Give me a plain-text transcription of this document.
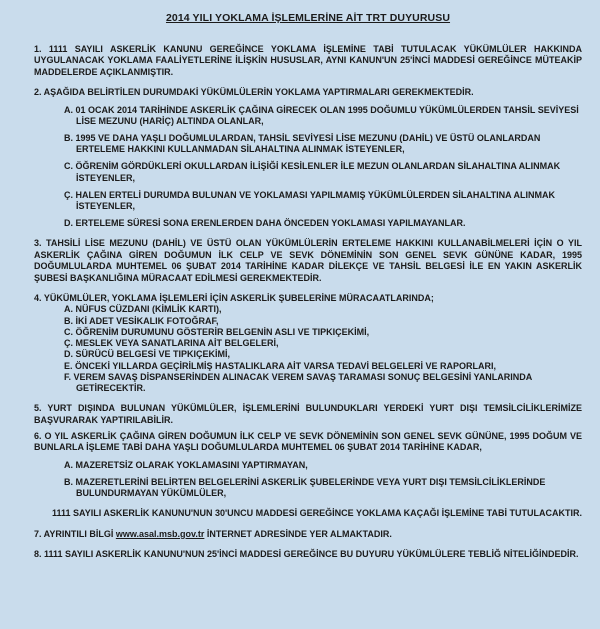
2014 YILI YOKLAMA İŞLEMLERİNE AİT TRT DUYURUSU

1. 1111 SAYILI ASKERLİK KANUNU GEREĞİNCE YOKLAMA İŞLEMİNE TABİ TUTULACAK YÜKÜMLÜLER HAKKINDA UYGULANACAK YOKLAMA FAALİYETLERİNE İLİŞKİN HUSUSLAR, AYNI KANUN'UN 25'İNCİ MADDESİ GEREĞİNCE MÜTEAKİP MADDELERDE AÇIKLANMIŞTIR.

2. AŞAĞIDA BELİRTİLEN DURUMDAKİ YÜKÜMLÜLERİN YOKLAMA YAPTIRMALARI GEREKMEKTEDİR.

A. 01 OCAK 2014 TARİHİNDE ASKERLİK ÇAĞINA GİRECEK OLAN 1995 DOĞUMLU YÜKÜMLÜLERDEN TAHSİL SEVİYESİ LİSE MEZUNU (HARİÇ) ALTINDA OLANLAR,

B. 1995 VE DAHA YAŞLI DOĞUMLULARDAN, TAHSİL SEVİYESİ LİSE MEZUNU (DAHİL) VE ÜSTÜ OLANLARDAN ERTELEME HAKKINI KULLANMADAN SİLAHALTINA ALINMAK İSTEYENLER,

C. ÖĞRENİM GÖRDÜKLERİ OKULLARDAN İLİŞİĞİ KESİLENLER İLE MEZUN OLANLARDAN SİLAHALTINA ALINMAK İSTEYENLER,

Ç. HALEN ERTELİ DURUMDA BULUNAN VE YOKLAMASI YAPILMAMIŞ YÜKÜMLÜLERDEN SİLAHALTINA ALINMAK İSTEYENLER,

D. ERTELEME SÜRESİ SONA ERENLERDEN DAHA ÖNCEDEN YOKLAMASI YAPILMAYANLAR.

3. TAHSİLİ LİSE MEZUNU (DAHİL) VE ÜSTÜ OLAN YÜKÜMLÜLERİN ERTELEME HAKKINI KULLANABİLMELERİ İÇİN O YIL ASKERLİK ÇAĞINA GİREN DOĞUMUN İLK CELP VE SEVK DÖNEMİNİN SON GENEL SEVK GÜNÜNE KADAR, 1995 DOĞUMLULARDA MUHTEMEL 06 ŞUBAT 2014 TARİHİNE KADAR DİLEKÇE VE TAHSİL BELGESİ İLE EN YAKIN ASKERLİK ŞUBESİ BAŞKANLIĞINA MÜRACAAT EDİLMESİ GEREKMEKTEDİR.

4. YÜKÜMLÜLER, YOKLAMA İŞLEMLERİ İÇİN ASKERLİK ŞUBELERİNE MÜRACAATLARINDA;

A. NÜFUS CÜZDANI (KİMLİK KARTI),

B. İKİ ADET VESİKALIK FOTOĞRAF,

C. ÖĞRENİM DURUMUNU GÖSTERİR BELGENİN ASLI VE TIPKIÇEKİMİ,

Ç. MESLEK VEYA SANATLARINA AİT BELGELERİ,

D. SÜRÜCÜ BELGESİ VE TIPKIÇEKİMİ,

E. ÖNCEKİ YILLARDA GEÇİRİLMİŞ HASTALIKLARA AİT VARSA TEDAVİ BELGELERİ VE RAPORLARI,

F. VEREM SAVAŞ DİSPANSERİNDEN ALINACAK VEREM SAVAŞ TARAMASI SONUÇ BELGESİNİ YANLARINDA GETİRECEKTİR.

5. YURT DIŞINDA BULUNAN YÜKÜMLÜLER, İŞLEMLERİNİ BULUNDUKLARI YERDEKİ YURT DIŞI TEMSİLCİLİKLERİMİZE BAŞVURARAK YAPTIRILABİLİR.

6. O YIL ASKERLİK ÇAĞINA GİREN DOĞUMUN İLK CELP VE SEVK DÖNEMİNİN SON GENEL SEVK GÜNÜNE, 1995 DOĞUM VE BUNLARLA İŞLEME TABİ DAHA YAŞLI DOĞUMLULARDA MUHTEMEL 06 ŞUBAT 2014 TARİHİNE KADAR,

A. MAZERETSİZ OLARAK YOKLAMASINI YAPTIRMAYAN,

B. MAZERETLERİNİ BELİRTEN BELGELERİNİ ASKERLİK ŞUBELERİNDE VEYA YURT DIŞI TEMSİLCİLİKLERİNDE BULUNDURMAYAN YÜKÜMLÜLER,

1111 SAYILI ASKERLİK KANUNU'NUN 30'UNCU MADDESİ GEREĞİNCE YOKLAMA KAÇAĞI İŞLEMİNE TABİ TUTULACAKTIR.

7. AYRINTILI BİLGİ www.asal.msb.gov.tr İNTERNET ADRESİNDE YER ALMAKTADIR.

8. 1111 SAYILI ASKERLİK KANUNU'NUN 25'İNCİ MADDESİ GEREĞİNCE BU DUYURU YÜKÜMLÜLERE TEBLİĞ NİTELİĞİNDEDİR.
